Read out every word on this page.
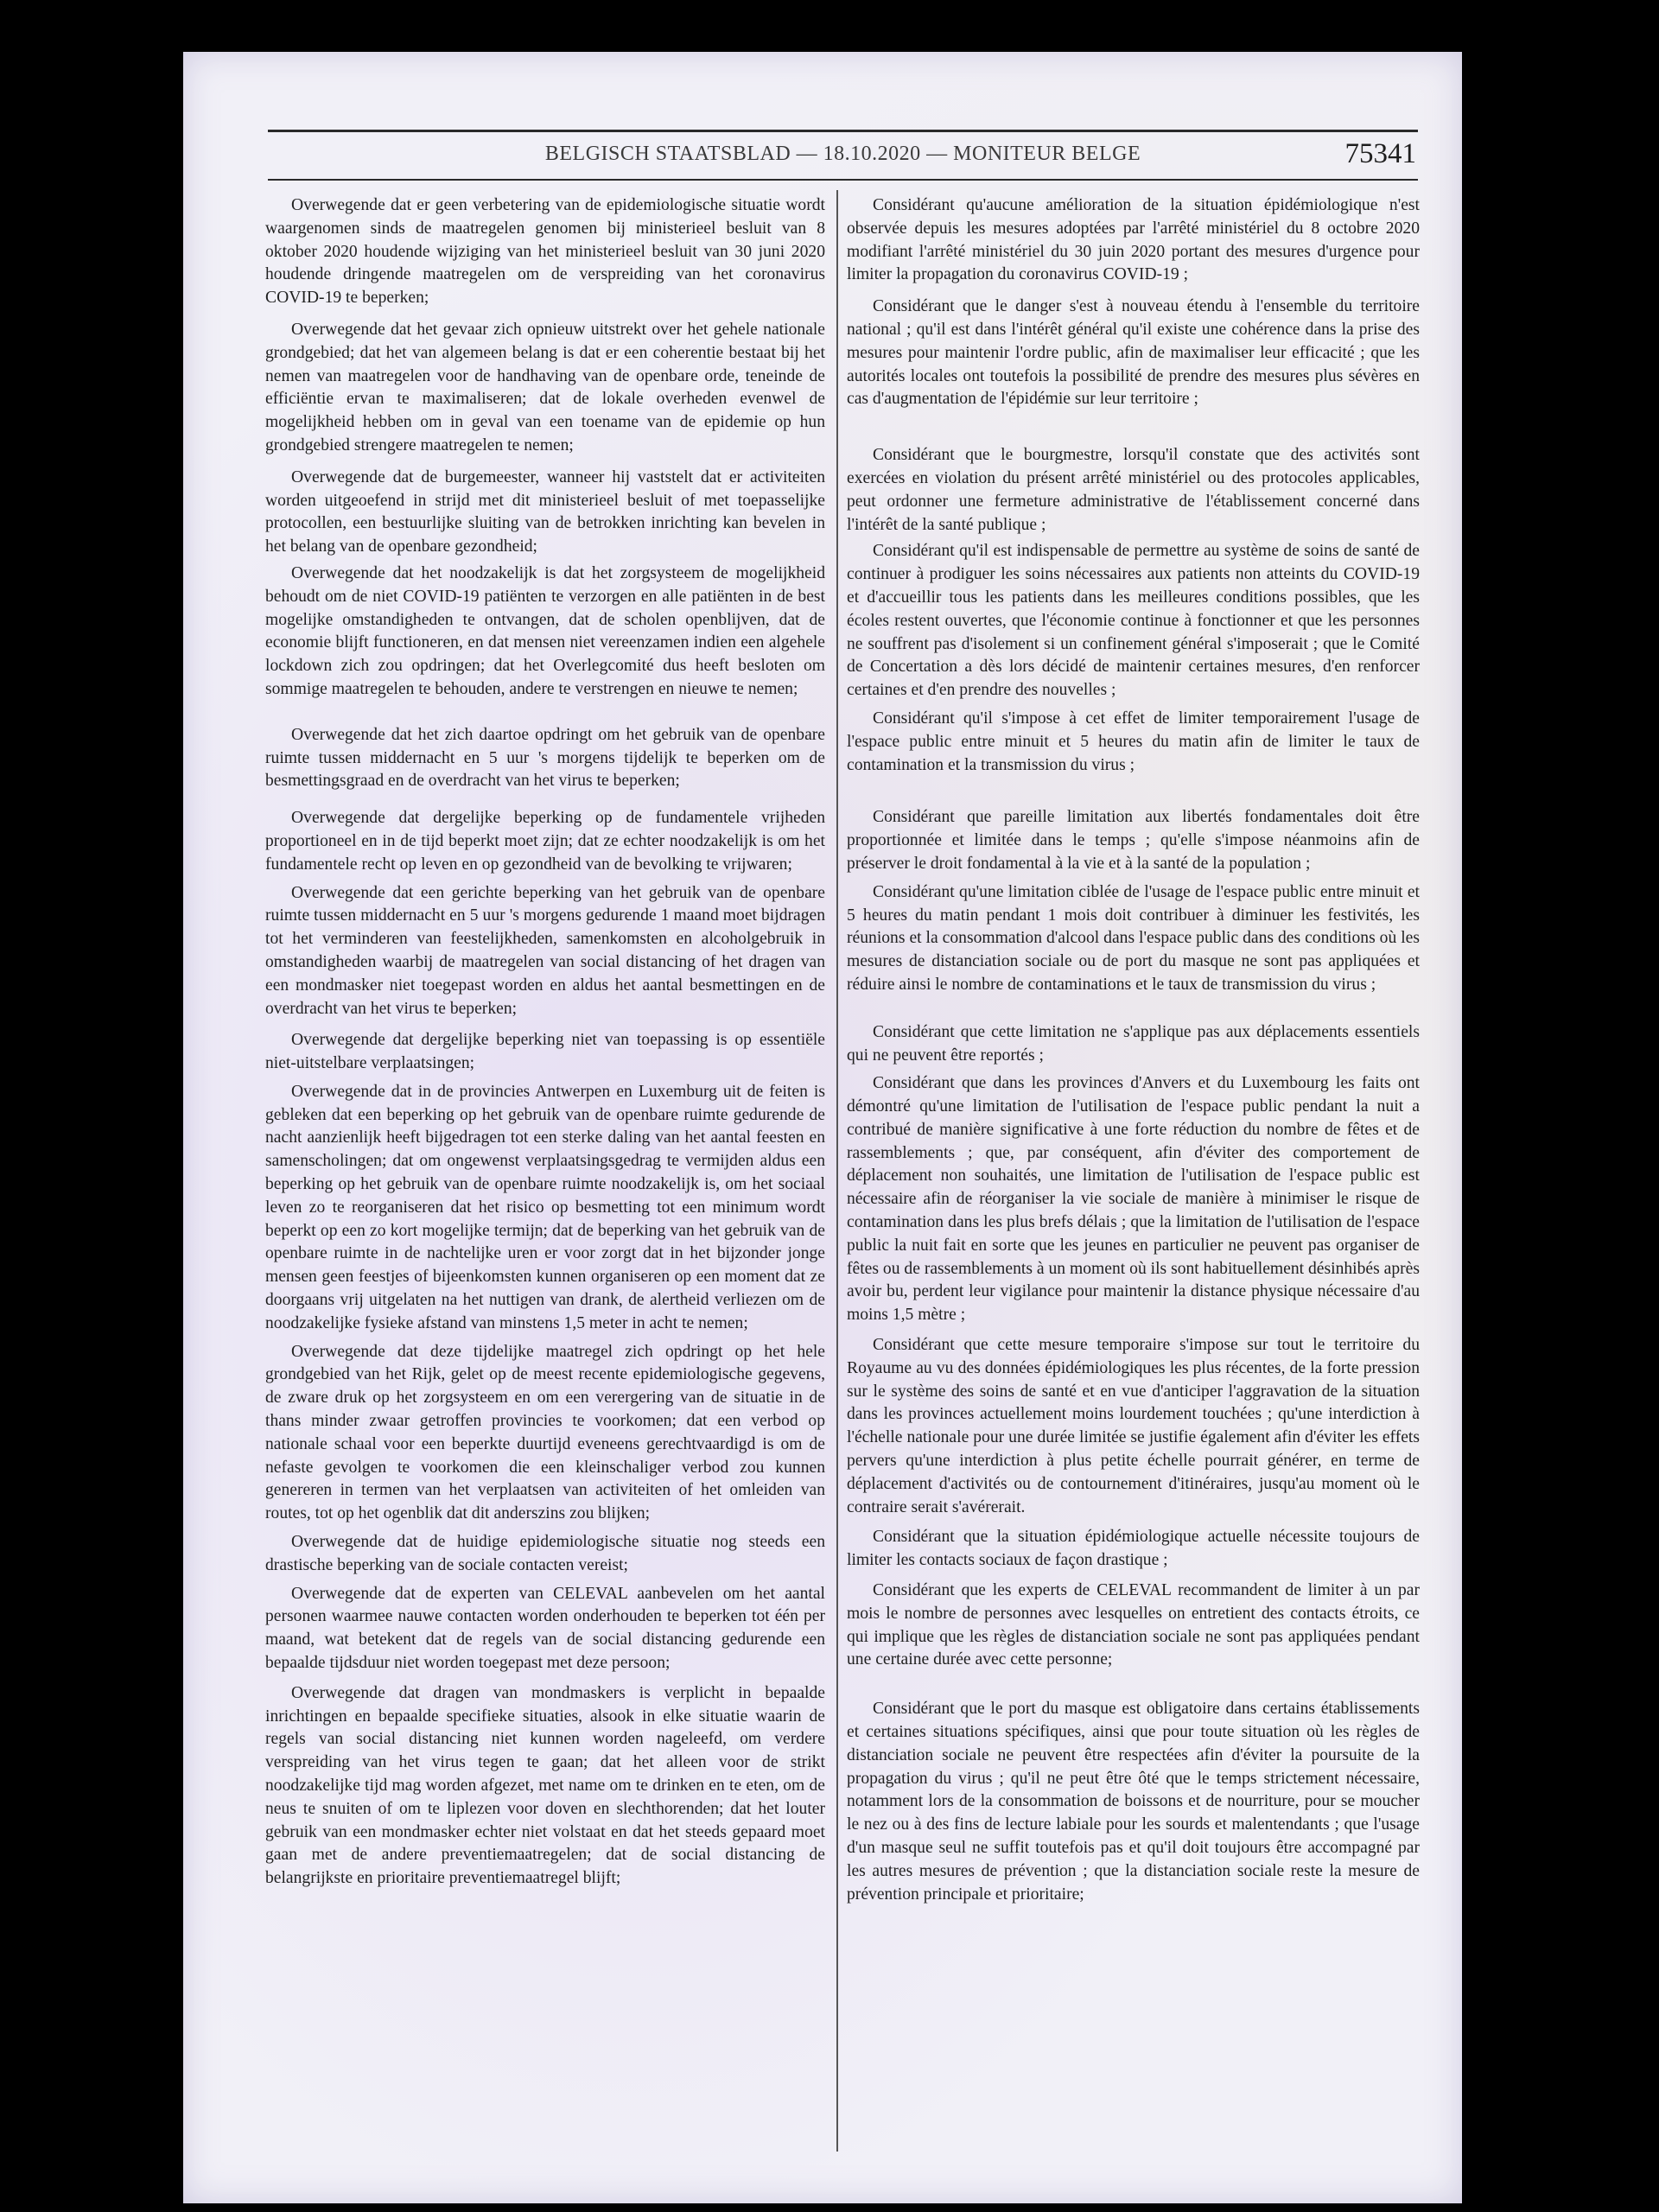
BELGISCH STAATSBLAD — 18.10.2020 — MONITEUR BELGE	75341

Overwegende dat er geen verbetering van de epidemiologische situatie wordt waargenomen sinds de maatregelen genomen bij ministerieel besluit van 8 oktober 2020 houdende wijziging van het ministerieel besluit van 30 juni 2020 houdende dringende maatregelen om de verspreiding van het coronavirus COVID-19 te beperken;

Overwegende dat het gevaar zich opnieuw uitstrekt over het gehele nationale grondgebied; dat het van algemeen belang is dat er een coherentie bestaat bij het nemen van maatregelen voor de handhaving van de openbare orde, teneinde de efficiëntie ervan te maximaliseren; dat de lokale overheden evenwel de mogelijkheid hebben om in geval van een toename van de epidemie op hun grondgebied strengere maatregelen te nemen;

Overwegende dat de burgemeester, wanneer hij vaststelt dat er activiteiten worden uitgeoefend in strijd met dit ministerieel besluit of met toepasselijke protocollen, een bestuurlijke sluiting van de betrokken inrichting kan bevelen in het belang van de openbare gezondheid;

Overwegende dat het noodzakelijk is dat het zorgsysteem de mogelijkheid behoudt om de niet COVID-19 patiënten te verzorgen en alle patiënten in de best mogelijke omstandigheden te ontvangen, dat de scholen openblijven, dat de economie blijft functioneren, en dat mensen niet vereenzamen indien een algehele lockdown zich zou opdringen; dat het Overlegcomité dus heeft besloten om sommige maatregelen te behouden, andere te verstrengen en nieuwe te nemen;

Overwegende dat het zich daartoe opdringt om het gebruik van de openbare ruimte tussen middernacht en 5 uur 's morgens tijdelijk te beperken om de besmettingsgraad en de overdracht van het virus te beperken;

Overwegende dat dergelijke beperking op de fundamentele vrijheden proportioneel en in de tijd beperkt moet zijn; dat ze echter noodzakelijk is om het fundamentele recht op leven en op gezondheid van de bevolking te vrijwaren;

Overwegende dat een gerichte beperking van het gebruik van de openbare ruimte tussen middernacht en 5 uur 's morgens gedurende 1 maand moet bijdragen tot het verminderen van feestelijkheden, samenkomsten en alcoholgebruik in omstandigheden waarbij de maatregelen van social distancing of het dragen van een mondmasker niet toegepast worden en aldus het aantal besmettingen en de overdracht van het virus te beperken;

Overwegende dat dergelijke beperking niet van toepassing is op essentiële niet-uitstelbare verplaatsingen;

Overwegende dat in de provincies Antwerpen en Luxemburg uit de feiten is gebleken dat een beperking op het gebruik van de openbare ruimte gedurende de nacht aanzienlijk heeft bijgedragen tot een sterke daling van het aantal feesten en samenscholingen; dat om ongewenst verplaatsingsgedrag te vermijden aldus een beperking op het gebruik van de openbare ruimte noodzakelijk is, om het sociaal leven zo te reorganiseren dat het risico op besmetting tot een minimum wordt beperkt op een zo kort mogelijke termijn; dat de beperking van het gebruik van de openbare ruimte in de nachtelijke uren er voor zorgt dat in het bijzonder jonge mensen geen feestjes of bijeenkomsten kunnen organiseren op een moment dat ze doorgaans vrij uitgelaten na het nuttigen van drank, de alertheid verliezen om de noodzakelijke fysieke afstand van minstens 1,5 meter in acht te nemen;

Overwegende dat deze tijdelijke maatregel zich opdringt op het hele grondgebied van het Rijk, gelet op de meest recente epidemiologische gegevens, de zware druk op het zorgsysteem en om een verergering van de situatie in de thans minder zwaar getroffen provincies te voorkomen; dat een verbod op nationale schaal voor een beperkte duurtijd eveneens gerechtvaardigd is om de nefaste gevolgen te voorkomen die een kleinschaliger verbod zou kunnen genereren in termen van het verplaatsen van activiteiten of het omleiden van routes, tot op het ogenblik dat dit anderszins zou blijken;

Overwegende dat de huidige epidemiologische situatie nog steeds een drastische beperking van de sociale contacten vereist;

Overwegende dat de experten van CELEVAL aanbevelen om het aantal personen waarmee nauwe contacten worden onderhouden te beperken tot één per maand, wat betekent dat de regels van de social distancing gedurende een bepaalde tijdsduur niet worden toegepast met deze persoon;

Overwegende dat dragen van mondmaskers is verplicht in bepaalde inrichtingen en bepaalde specifieke situaties, alsook in elke situatie waarin de regels van social distancing niet kunnen worden nageleefd, om verdere verspreiding van het virus tegen te gaan; dat het alleen voor de strikt noodzakelijke tijd mag worden afgezet, met name om te drinken en te eten, om de neus te snuiten of om te liplezen voor doven en slechthorenden; dat het louter gebruik van een mondmasker echter niet volstaat en dat het steeds gepaard moet gaan met de andere preventiemaatregelen; dat de social distancing de belangrijkste en prioritaire preventiemaatregel blijft;

Considérant qu'aucune amélioration de la situation épidémiologique n'est observée depuis les mesures adoptées par l'arrêté ministériel du 8 octobre 2020 modifiant l'arrêté ministériel du 30 juin 2020 portant des mesures d'urgence pour limiter la propagation du coronavirus COVID-19 ;

Considérant que le danger s'est à nouveau étendu à l'ensemble du territoire national ; qu'il est dans l'intérêt général qu'il existe une cohérence dans la prise des mesures pour maintenir l'ordre public, afin de maximaliser leur efficacité ; que les autorités locales ont toutefois la possibilité de prendre des mesures plus sévères en cas d'augmentation de l'épidémie sur leur territoire ;

Considérant que le bourgmestre, lorsqu'il constate que des activités sont exercées en violation du présent arrêté ministériel ou des protocoles applicables, peut ordonner une fermeture administrative de l'établissement concerné dans l'intérêt de la santé publique ;

Considérant qu'il est indispensable de permettre au système de soins de santé de continuer à prodiguer les soins nécessaires aux patients non atteints du COVID-19 et d'accueillir tous les patients dans les meilleures conditions possibles, que les écoles restent ouvertes, que l'économie continue à fonctionner et que les personnes ne souffrent pas d'isolement si un confinement général s'imposerait ; que le Comité de Concertation a dès lors décidé de maintenir certaines mesures, d'en renforcer certaines et d'en prendre des nouvelles ;

Considérant qu'il s'impose à cet effet de limiter temporairement l'usage de l'espace public entre minuit et 5 heures du matin afin de limiter le taux de contamination et la transmission du virus ;

Considérant que pareille limitation aux libertés fondamentales doit être proportionnée et limitée dans le temps ; qu'elle s'impose néanmoins afin de préserver le droit fondamental à la vie et à la santé de la population ;

Considérant qu'une limitation ciblée de l'usage de l'espace public entre minuit et 5 heures du matin pendant 1 mois doit contribuer à diminuer les festivités, les réunions et la consommation d'alcool dans l'espace public dans des conditions où les mesures de distanciation sociale ou de port du masque ne sont pas appliquées et réduire ainsi le nombre de contaminations et le taux de transmission du virus ;

Considérant que cette limitation ne s'applique pas aux déplacements essentiels qui ne peuvent être reportés ;

Considérant que dans les provinces d'Anvers et du Luxembourg les faits ont démontré qu'une limitation de l'utilisation de l'espace public pendant la nuit a contribué de manière significative à une forte réduction du nombre de fêtes et de rassemblements ; que, par conséquent, afin d'éviter des comportement de déplacement non souhaités, une limitation de l'utilisation de l'espace public est nécessaire afin de réorganiser la vie sociale de manière à minimiser le risque de contamination dans les plus brefs délais ; que la limitation de l'utilisation de l'espace public la nuit fait en sorte que les jeunes en particulier ne peuvent pas organiser de fêtes ou de rassemblements à un moment où ils sont habituellement désinhibés après avoir bu, perdent leur vigilance pour maintenir la distance physique nécessaire d'au moins 1,5 mètre ;

Considérant que cette mesure temporaire s'impose sur tout le territoire du Royaume au vu des données épidémiologiques les plus récentes, de la forte pression sur le système des soins de santé et en vue d'anticiper l'aggravation de la situation dans les provinces actuellement moins lourdement touchées ; qu'une interdiction à l'échelle nationale pour une durée limitée se justifie également afin d'éviter les effets pervers qu'une interdiction à plus petite échelle pourrait générer, en terme de déplacement d'activités ou de contournement d'itinéraires, jusqu'au moment où le contraire serait s'avérerait.

Considérant que la situation épidémiologique actuelle nécessite toujours de limiter les contacts sociaux de façon drastique ;

Considérant que les experts de CELEVAL recommandent de limiter à un par mois le nombre de personnes avec lesquelles on entretient des contacts étroits, ce qui implique que les règles de distanciation sociale ne sont pas appliquées pendant une certaine durée avec cette personne;

Considérant que le port du masque est obligatoire dans certains établissements et certaines situations spécifiques, ainsi que pour toute situation où les règles de distanciation sociale ne peuvent être respectées afin d'éviter la poursuite de la propagation du virus ; qu'il ne peut être ôté que le temps strictement nécessaire, notamment lors de la consommation de boissons et de nourriture, pour se moucher le nez ou à des fins de lecture labiale pour les sourds et malentendants ; que l'usage d'un masque seul ne suffit toutefois pas et qu'il doit toujours être accompagné par les autres mesures de prévention ; que la distanciation sociale reste la mesure de prévention principale et prioritaire;
